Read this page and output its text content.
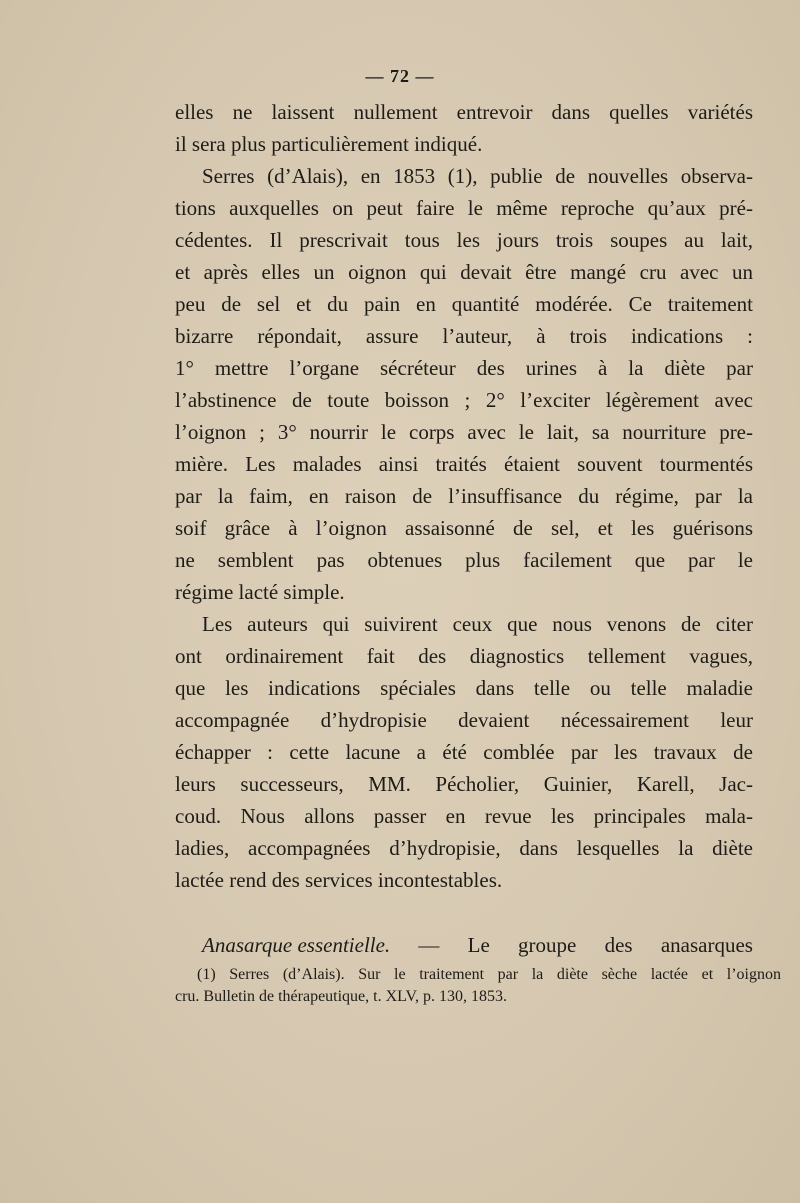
— 72 —
elles ne laissent nullement entrevoir dans quelles variétés
il sera plus particulièrement indiqué.
Serres (d’Alais), en 1853 (1), publie de nouvelles observa-
tions auxquelles on peut faire le même reproche qu’aux pré-
cédentes. Il prescrivait tous les jours trois soupes au lait,
et après elles un oignon qui devait être mangé cru avec un
peu de sel et du pain en quantité modérée. Ce traitement
bizarre répondait, assure l’auteur, à trois indications :
1° mettre l’organe sécréteur des urines à la diète par
l’abstinence de toute boisson ; 2° l’exciter légèrement avec
l’oignon ; 3° nourrir le corps avec le lait, sa nourriture pre-
mière. Les malades ainsi traités étaient souvent tourmentés
par la faim, en raison de l’insuffisance du régime, par la
soif grâce à l’oignon assaisonné de sel, et les guérisons
ne semblent pas obtenues plus facilement que par le
régime lacté simple.
Les auteurs qui suivirent ceux que nous venons de citer
ont ordinairement fait des diagnostics tellement vagues,
que les indications spéciales dans telle ou telle maladie
accompagnée d’hydropisie devaient nécessairement leur
échapper : cette lacune a été comblée par les travaux de
leurs successeurs, MM. Pécholier, Guinier, Karell, Jac-
coud. Nous allons passer en revue les principales mala-
ladies, accompagnées d’hydropisie, dans lesquelles la diète
lactée rend des services incontestables.
Anasarque essentielle. — Le groupe des anasarques
(1) Serres (d’Alais). Sur le traitement par la diète sèche lactée et l’oignon
cru. Bulletin de thérapeutique, t. XLV, p. 130, 1853.
